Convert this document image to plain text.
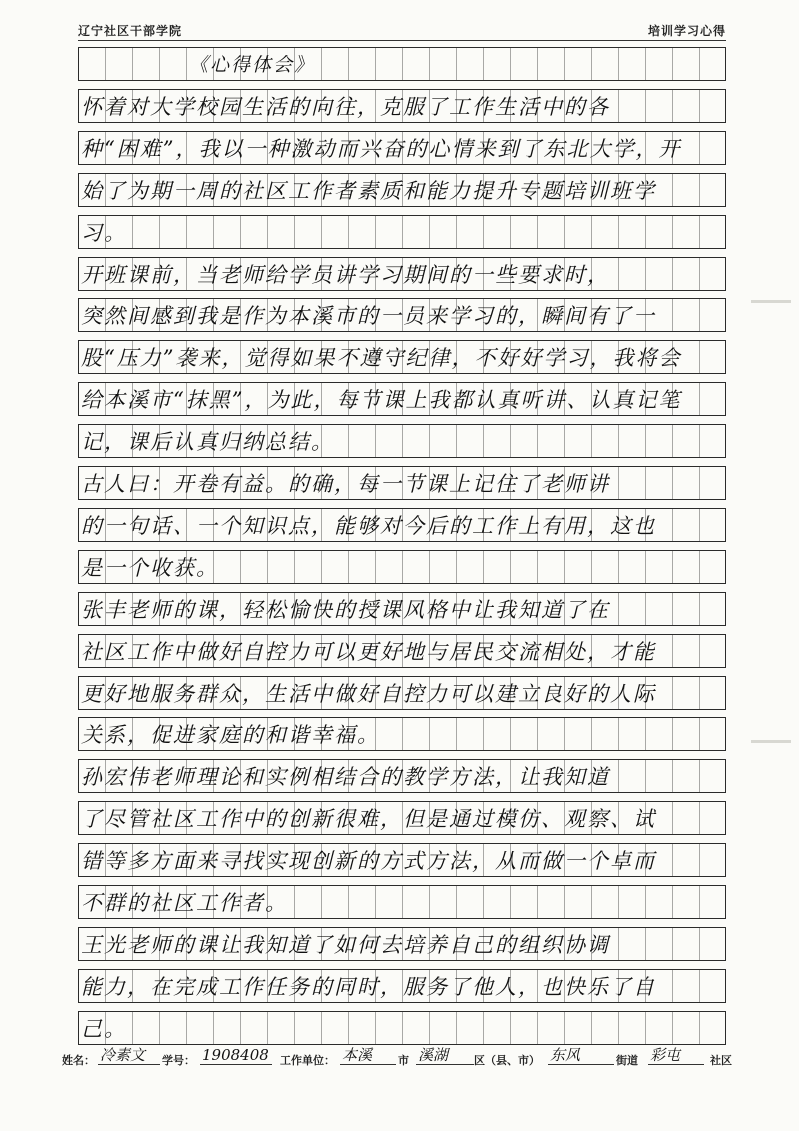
辽宁社区干部学院	培训学习心得
《心得体会》
怀着对大学校园生活的向往，克服了工作生活中的各
种“困难”，我以一种激动而兴奋的心情来到了东北大学，开
始了为期一周的社区工作者素质和能力提升专题培训班学
习。
开班课前，当老师给学员讲学习期间的一些要求时，
突然间感到我是作为本溪市的一员来学习的，瞬间有了一
股“压力”袭来，觉得如果不遵守纪律，不好好学习，我将会
给本溪市“抹黑”，为此，每节课上我都认真听讲、认真记笔
记，课后认真归纳总结。
古人曰：开卷有益。的确，每一节课上记住了老师讲
的一句话、一个知识点，能够对今后的工作上有用，这也
是一个收获。
张丰老师的课，轻松愉快的授课风格中让我知道了在
社区工作中做好自控力可以更好地与居民交流相处，才能
更好地服务群众，生活中做好自控力可以建立良好的人际
关系，促进家庭的和谐幸福。
孙宏伟老师理论和实例相结合的教学方法，让我知道
了尽管社区工作中的创新很难，但是通过模仿、观察、试
错等多方面来寻找实现创新的方式方法，从而做一个卓而
不群的社区工作者。
王光老师的课让我知道了如何去培养自己的组织协调
能力，在完成工作任务的同时，服务了他人，也快乐了自
己。
姓名： 冷素文	学号： 1908408 工作单位： 本溪	市 溪湖	区（县、市） 东风	街道 彩屯	社区
